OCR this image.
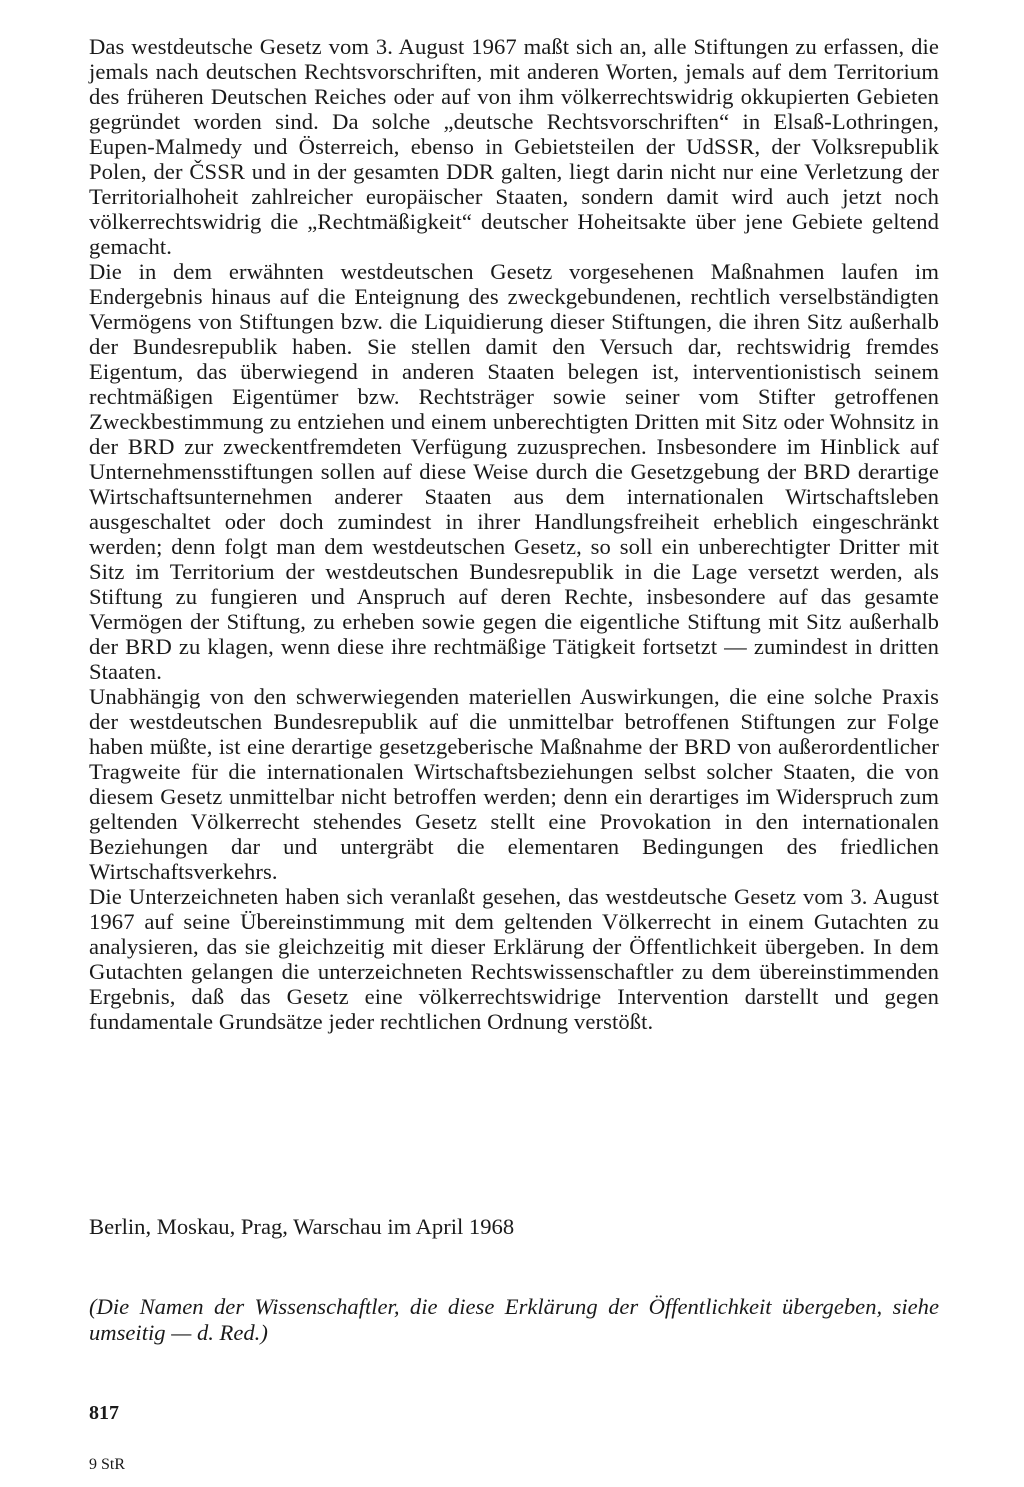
Das westdeutsche Gesetz vom 3. August 1967 maßt sich an, alle Stiftungen zu erfassen, die jemals nach deutschen Rechtsvorschriften, mit anderen Worten, jemals auf dem Territorium des früheren Deutschen Reiches oder auf von ihm völkerrechtswidrig okkupierten Gebieten gegründet worden sind. Da solche „deutsche Rechtsvorschriften“ in Elsaß-Lothringen, Eupen-Malmedy und Österreich, ebenso in Gebietsteilen der UdSSR, der Volksrepublik Polen, der ČSSR und in der gesamten DDR galten, liegt darin nicht nur eine Verletzung der Territorialhoheit zahlreicher europäischer Staaten, sondern damit wird auch jetzt noch völkerrechtswidrig die „Rechtmäßigkeit“ deutscher Hoheitsakte über jene Gebiete geltend gemacht.

Die in dem erwähnten westdeutschen Gesetz vorgesehenen Maßnahmen laufen im Endergebnis hinaus auf die Enteignung des zweckgebundenen, rechtlich verselbständigten Vermögens von Stiftungen bzw. die Liquidierung dieser Stiftungen, die ihren Sitz außerhalb der Bundesrepublik haben. Sie stellen damit den Versuch dar, rechtswidrig fremdes Eigentum, das überwiegend in anderen Staaten belegen ist, interventionistisch seinem rechtmäßigen Eigentümer bzw. Rechtsträger sowie seiner vom Stifter getroffenen Zweckbestimmung zu entziehen und einem unberechtigten Dritten mit Sitz oder Wohnsitz in der BRD zur zweckentfremdeten Verfügung zuzusprechen. Insbesondere im Hinblick auf Unternehmensstiftungen sollen auf diese Weise durch die Gesetzgebung der BRD derartige Wirtschaftsunternehmen anderer Staaten aus dem internationalen Wirtschaftsleben ausgeschaltet oder doch zumindest in ihrer Handlungsfreiheit erheblich eingeschränkt werden; denn folgt man dem westdeutschen Gesetz, so soll ein unberechtigter Dritter mit Sitz im Territorium der westdeutschen Bundesrepublik in die Lage versetzt werden, als Stiftung zu fungieren und Anspruch auf deren Rechte, insbesondere auf das gesamte Vermögen der Stiftung, zu erheben sowie gegen die eigentliche Stiftung mit Sitz außerhalb der BRD zu klagen, wenn diese ihre rechtmäßige Tätigkeit fortsetzt — zumindest in dritten Staaten.

Unabhängig von den schwerwiegenden materiellen Auswirkungen, die eine solche Praxis der westdeutschen Bundesrepublik auf die unmittelbar betroffenen Stiftungen zur Folge haben müßte, ist eine derartige gesetzgeberische Maßnahme der BRD von außerordentlicher Tragweite für die internationalen Wirtschaftsbeziehungen selbst solcher Staaten, die von diesem Gesetz unmittelbar nicht betroffen werden; denn ein derartiges im Widerspruch zum geltenden Völkerrecht stehendes Gesetz stellt eine Provokation in den internationalen Beziehungen dar und untergräbt die elementaren Bedingungen des friedlichen Wirtschaftsverkehrs.

Die Unterzeichneten haben sich veranlaßt gesehen, das westdeutsche Gesetz vom 3. August 1967 auf seine Übereinstimmung mit dem geltenden Völkerrecht in einem Gutachten zu analysieren, das sie gleichzeitig mit dieser Erklärung der Öffentlichkeit übergeben. In dem Gutachten gelangen die unterzeichneten Rechtswissenschaftler zu dem übereinstimmenden Ergebnis, daß das Gesetz eine völkerrechtswidrige Intervention darstellt und gegen fundamentale Grundsätze jeder rechtlichen Ordnung verstößt.

Berlin, Moskau, Prag, Warschau im April 1968
(Die Namen der Wissenschaftler, die diese Erklärung der Öffentlichkeit übergeben, siehe umseitig — d. Red.)
817
9 StR
